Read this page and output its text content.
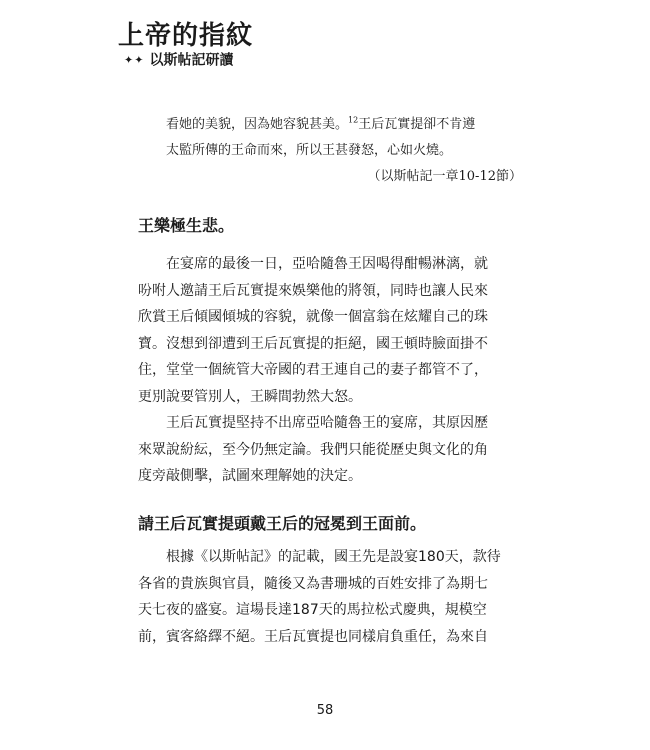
上帝的指紋
✦✦ 以斯帖記研讀
看她的美貌，因為她容貌甚美。$^{12}$王后瓦實提卻不肯遵
太監所傳的王命而來，所以王甚發怒，心如火燒。
（以斯帖記一章10-12節）
王樂極生悲。
在宴席的最後一日，亞哈隨魯王因喝得酣暢淋漓，就
吩咐人邀請王后瓦實提來娛樂他的將領，同時也讓人民來
欣賞王后傾國傾城的容貌，就像一個富翁在炫耀自己的珠
寶。沒想到卻遭到王后瓦實提的拒絕，國王頓時臉面掛不
住，堂堂一個統管大帝國的君王連自己的妻子都管不了，
更別說要管別人，王瞬間勃然大怒。
王后瓦實提堅持不出席亞哈隨魯王的宴席，其原因歷
來眾說紛紜，至今仍無定論。我們只能從歷史與文化的角
度旁敲側擊，試圖來理解她的決定。
請王后瓦實提頭戴王后的冠冕到王面前。
根據《以斯帖記》的記載，國王先是設宴180天，款待
各省的貴族與官員，隨後又為書珊城的百姓安排了為期七
天七夜的盛宴。這場長達187天的馬拉松式慶典，規模空
前，賓客絡繹不絕。王后瓦實提也同樣肩負重任，為來自
58
